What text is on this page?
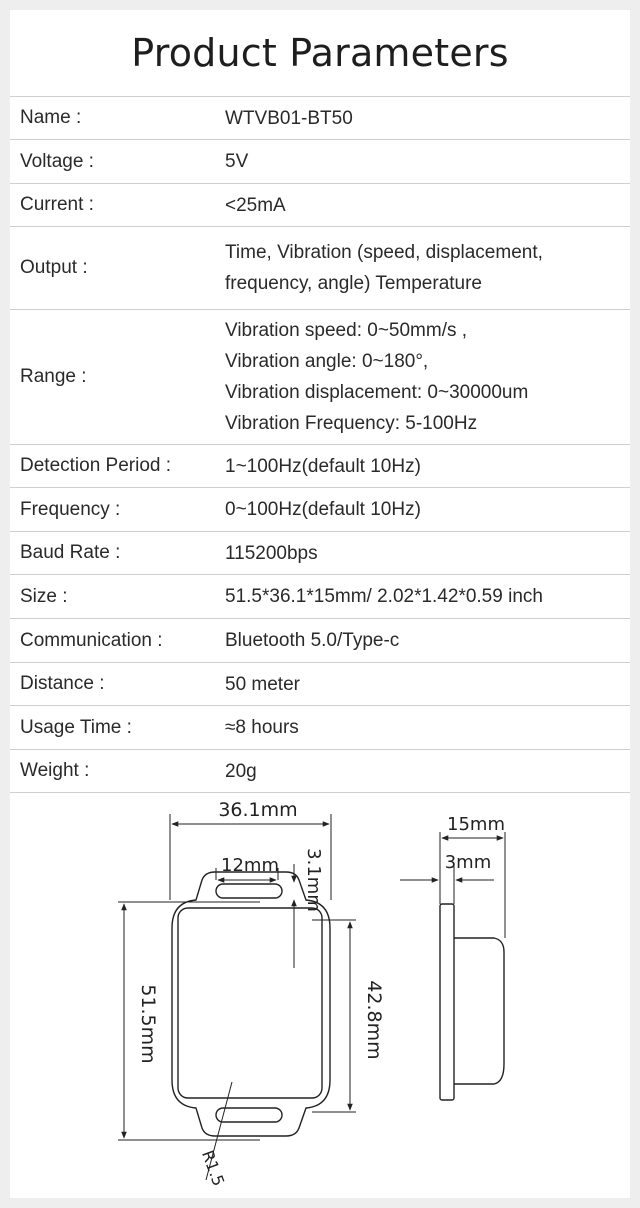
Product Parameters
Name :	WTVB01-BT50
Voltage :	5V
Current :	<25mA
Output :
Time, Vibration (speed, displacement,
frequency, angle) Temperature
Range :
Vibration speed: 0~50mm/s ,
Vibration angle: 0~180°,
Vibration displacement: 0~30000um
Vibration Frequency: 5-100Hz
Detection Period :	1~100Hz(default 10Hz)
Frequency :	0~100Hz(default 10Hz)
Baud Rate :	115200bps
Size :	51.5*36.1*15mm/ 2.02*1.42*0.59 inch
Communication :	Bluetooth 5.0/Type-c
Distance :	50 meter
Usage Time :	≈8 hours
Weight :	20g
36.1mm
12mm 3.1mm
51.5mm	42.8mm
R1.5
15mm
3mm
